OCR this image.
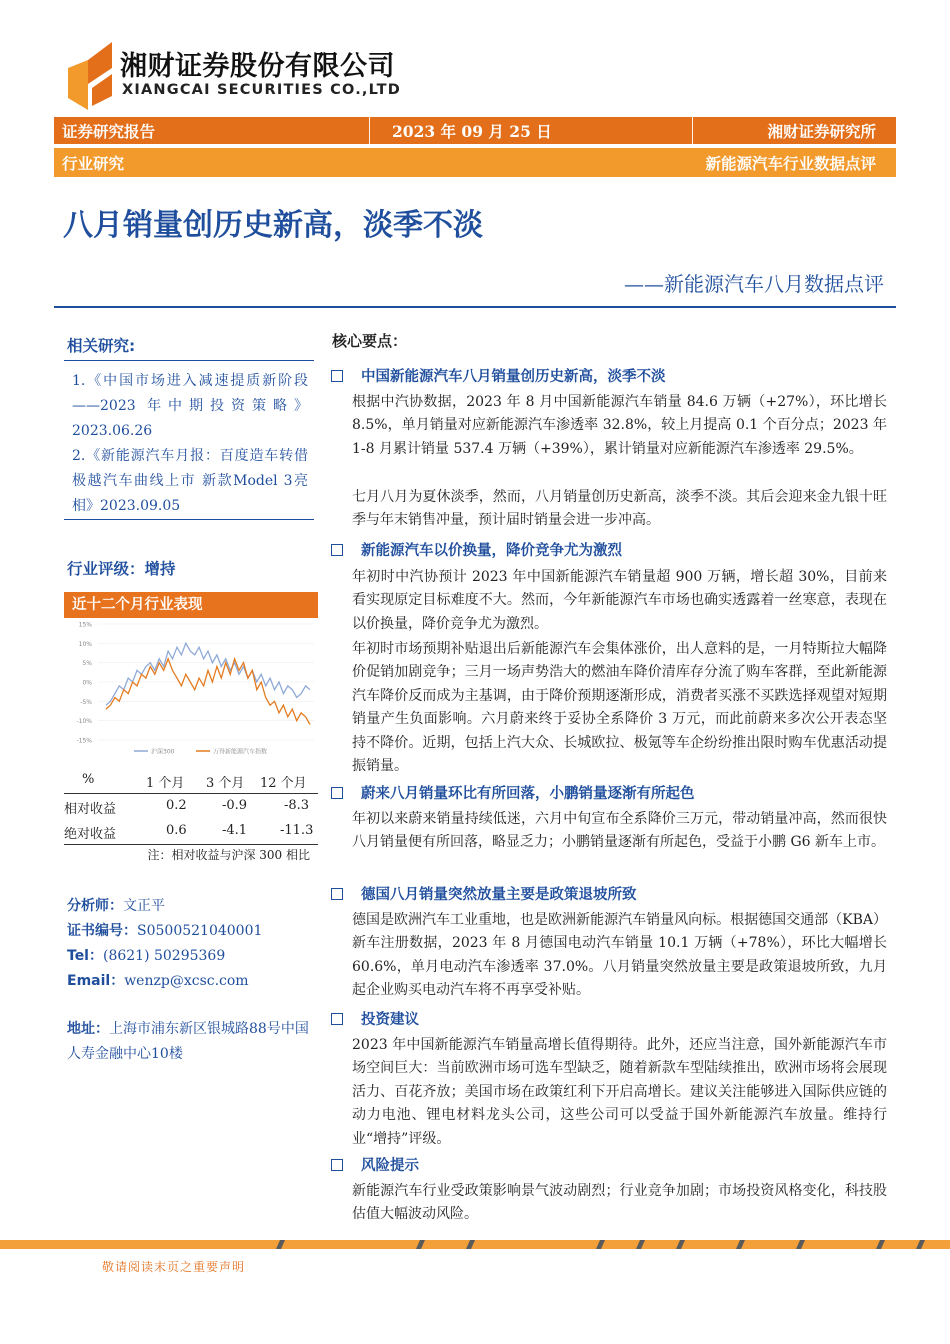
湘财证券股份有限公司
XIANGCAI SECURITIES CO.,LTD
证券研究报告	2023 年 09 月 25 日	湘财证券研究所
行业研究	新能源汽车行业数据点评
八月销量创历史新高，淡季不淡
——新能源汽车八月数据点评
相关研究:
1.《中国市场进入减速提质新阶段——2023 年中期投资策略》2023.06.26
2.《新能源汽车月报：百度造车转借极越汽车曲线上市 新款Model 3亮相》2023.09.05
行业评级：增持
近十二个月行业表现
15%
10%
5%
0%
-5%
-10%
-15%
沪深300	万得新能源汽车指数
%	1 个月 3 个月 12 个月
相对收益	0.2	-0.9	-8.3
绝对收益	0.6	-4.1	-11.3
注：相对收益与沪深 300 相比
分析师：文正平
证书编号：S0500521040001
Tel：(8621) 50295369
Email：wenzp@xcsc.com
地址：上海市浦东新区银城路88号中国人寿金融中心10楼
核心要点：
中国新能源汽车八月销量创历史新高，淡季不淡

根据中汽协数据，2023 年 8 月中国新能源汽车销量 84.6 万辆（+27%），环比增长 8.5%，单月销量对应新能源汽车渗透率 32.8%，较上月提高 0.1 个百分点；2023 年 1-8 月累计销量 537.4 万辆（+39%），累计销量对应新能源汽车渗透率 29.5%。

七月八月为夏休淡季，然而，八月销量创历史新高，淡季不淡。其后会迎来金九银十旺季与年末销售冲量，预计届时销量会进一步冲高。

新能源汽车以价换量，降价竞争尤为激烈

年初时中汽协预计 2023 年中国新能源汽车销量超 900 万辆，增长超 30%，目前来看实现原定目标难度不大。然而，今年新能源汽车市场也确实透露着一丝寒意，表现在以价换量，降价竞争尤为激烈。

年初时市场预期补贴退出后新能源汽车会集体涨价，出人意料的是，一月特斯拉大幅降价促销加剧竞争；三月一场声势浩大的燃油车降价清库存分流了购车客群，至此新能源汽车降价反而成为主基调，由于降价预期逐渐形成，消费者买涨不买跌选择观望对短期销量产生负面影响。六月蔚来终于妥协全系降价 3 万元，而此前蔚来多次公开表态坚持不降价。近期，包括上汽大众、长城欧拉、极氪等车企纷纷推出限时购车优惠活动提振销量。

蔚来八月销量环比有所回落，小鹏销量逐渐有所起色

年初以来蔚来销量持续低迷，六月中旬宣布全系降价三万元，带动销量冲高，然而很快八月销量便有所回落，略显乏力；小鹏销量逐渐有所起色，受益于小鹏 G6 新车上市。

德国八月销量突然放量主要是政策退坡所致

德国是欧洲汽车工业重地，也是欧洲新能源汽车销量风向标。根据德国交通部（KBA）新车注册数据，2023 年 8 月德国电动汽车销量 10.1 万辆（+78%），环比大幅增长 60.6%，单月电动汽车渗透率 37.0%。八月销量突然放量主要是政策退坡所致，九月起企业购买电动汽车将不再享受补贴。

投资建议

2023 年中国新能源汽车销量高增长值得期待。此外，还应当注意，国外新能源汽车市场空间巨大：当前欧洲市场可选车型缺乏，随着新款车型陆续推出，欧洲市场将会展现活力、百花齐放；美国市场在政策红利下开启高增长。建议关注能够进入国际供应链的动力电池、锂电材料龙头公司，这些公司可以受益于国外新能源汽车放量。维持行业“增持”评级。

风险提示

新能源汽车行业受政策影响景气波动剧烈；行业竞争加剧；市场投资风格变化，科技股估值大幅波动风险。

敬请阅读末页之重要声明
